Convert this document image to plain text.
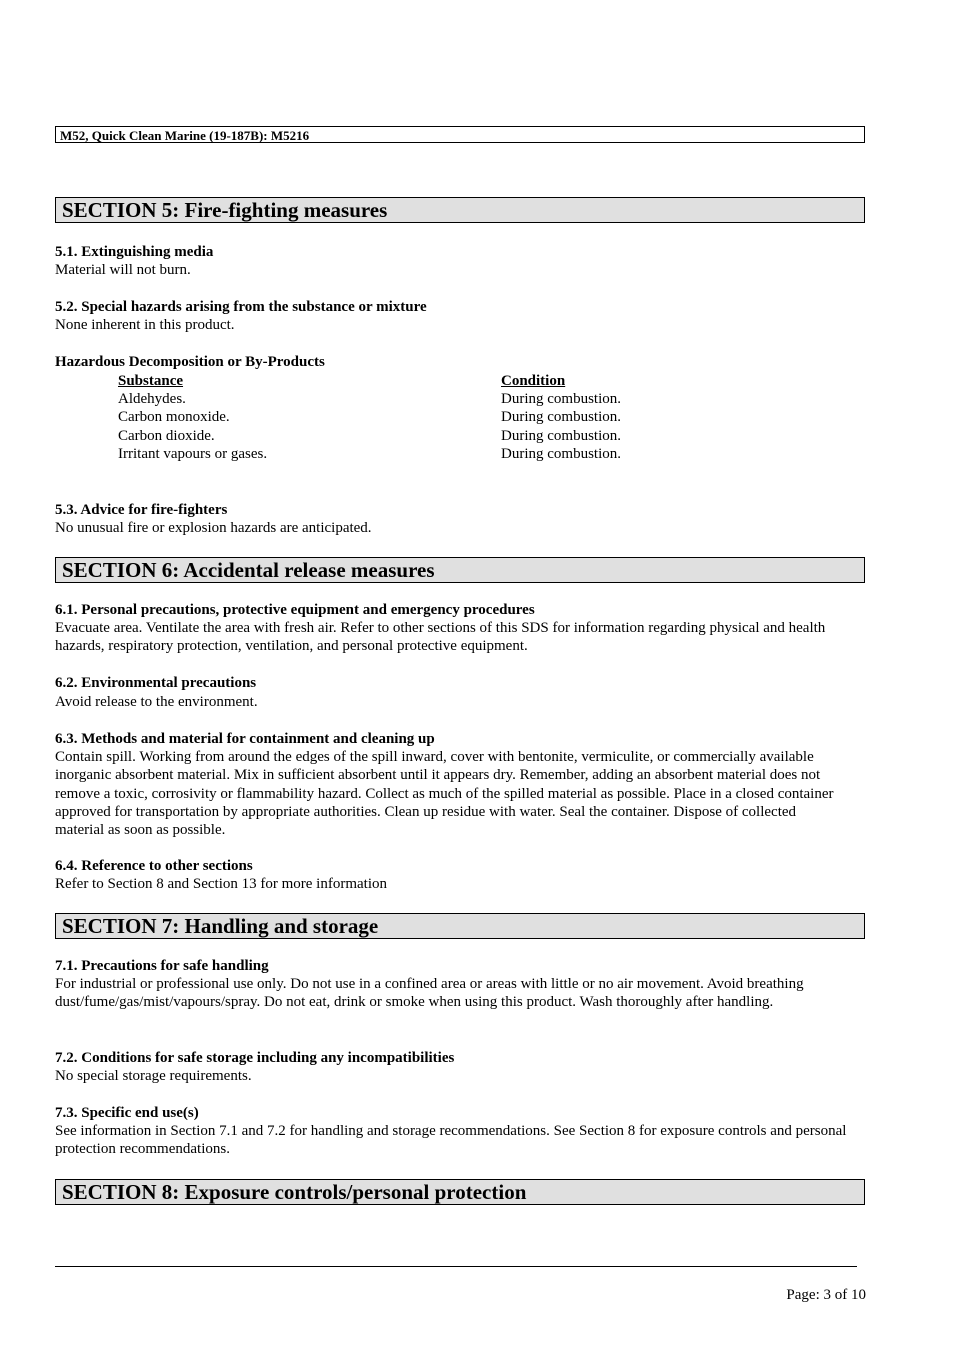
M52, Quick Clean Marine (19-187B): M5216
SECTION 5: Fire-fighting measures
5.1. Extinguishing media
Material will not burn.
5.2. Special hazards arising from the substance or mixture
None inherent in this product.
Hazardous Decomposition or By-Products
Substance	Condition
Aldehydes.	During combustion.
Carbon monoxide.	During combustion.
Carbon dioxide.	During combustion.
Irritant vapours or gases.	During combustion.
5.3. Advice for fire-fighters
No unusual fire or explosion hazards are anticipated.
SECTION 6: Accidental release measures
6.1. Personal precautions, protective equipment and emergency procedures
Evacuate area. Ventilate the area with fresh air. Refer to other sections of this SDS for information regarding physical and health hazards, respiratory protection, ventilation, and personal protective equipment.
6.2. Environmental precautions
Avoid release to the environment.
6.3. Methods and material for containment and cleaning up
Contain spill. Working from around the edges of the spill inward, cover with bentonite, vermiculite, or commercially available inorganic absorbent material. Mix in sufficient absorbent until it appears dry. Remember, adding an absorbent material does not remove a toxic, corrosivity or flammability hazard. Collect as much of the spilled material as possible. Place in a closed container approved for transportation by appropriate authorities. Clean up residue with water. Seal the container. Dispose of collected material as soon as possible.
6.4. Reference to other sections
Refer to Section 8 and Section 13 for more information
SECTION 7: Handling and storage
7.1. Precautions for safe handling
For industrial or professional use only. Do not use in a confined area or areas with little or no air movement. Avoid breathing dust/fume/gas/mist/vapours/spray. Do not eat, drink or smoke when using this product. Wash thoroughly after handling.
7.2. Conditions for safe storage including any incompatibilities
No special storage requirements.
7.3. Specific end use(s)
See information in Section 7.1 and 7.2 for handling and storage recommendations. See Section 8 for exposure controls and personal protection recommendations.
SECTION 8: Exposure controls/personal protection
Page: 3 of 10
